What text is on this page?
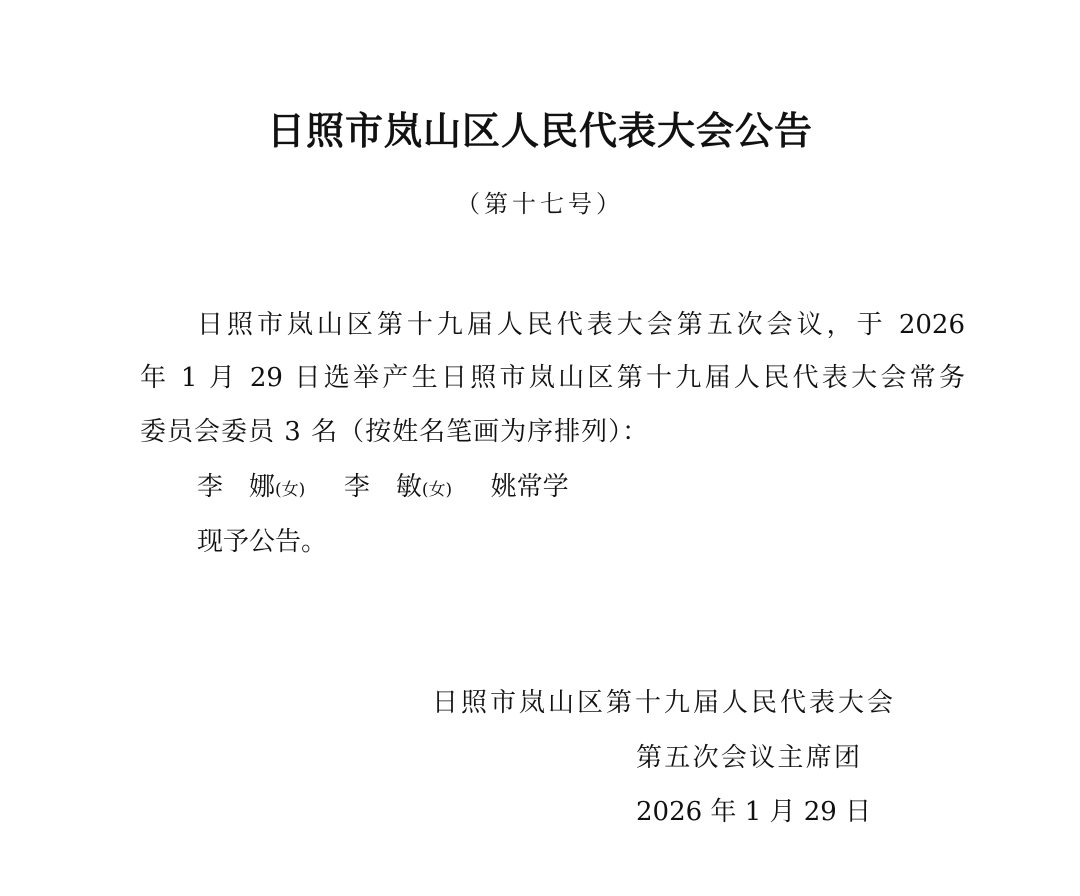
日照市岚山区人民代表大会公告
（第十七号）
日照市岚山区第十九届人民代表大会第五次会议，于 2026
年 1 月 29 日选举产生日照市岚山区第十九届人民代表大会常务
委员会委员 3 名（按姓名笔画为序排列）：
李　娜(女) 李　敏(女) 姚常学
现予公告。
日照市岚山区第十九届人民代表大会
第五次会议主席团
2026 年 1 月 29 日
